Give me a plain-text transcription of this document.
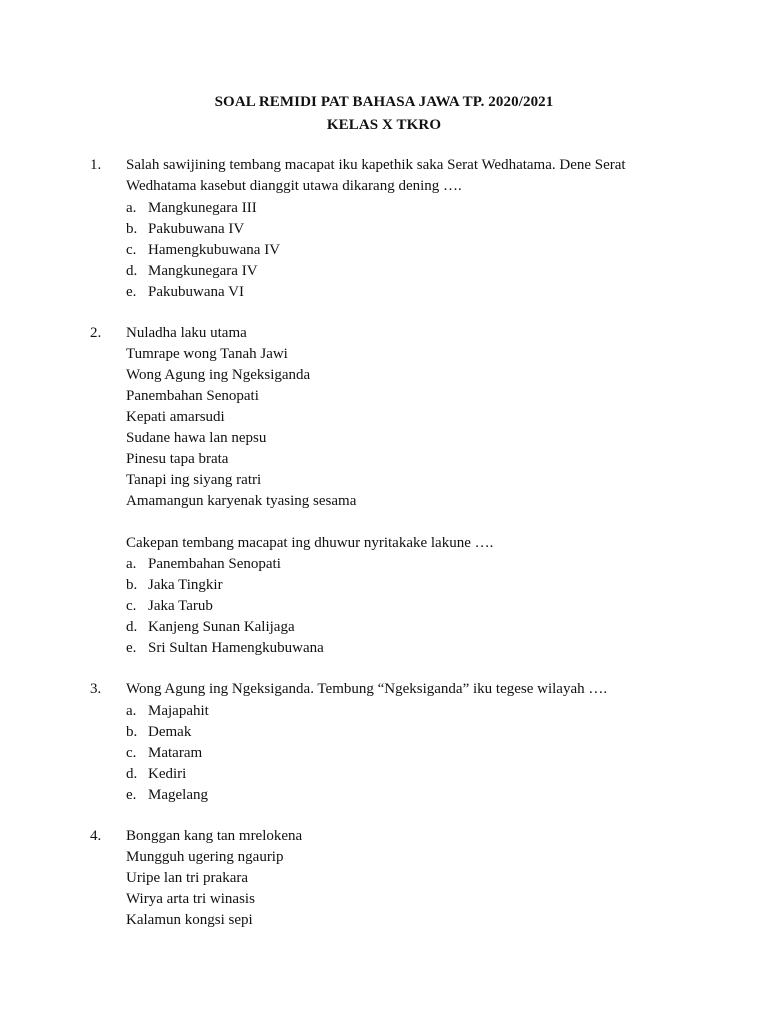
SOAL REMIDI PAT BAHASA JAWA TP. 2020/2021
KELAS X TKRO
1. Salah sawijining tembang macapat iku kapethik saka Serat Wedhatama. Dene Serat
Wedhatama kasebut dianggit utawa dikarang dening ….
a. Mangkunegara III
b. Pakubuwana IV
c. Hamengkubuwana IV
d. Mangkunegara IV
e. Pakubuwana VI
2. Nuladha laku utama
Tumrape wong Tanah Jawi
Wong Agung ing Ngeksiganda
Panembahan Senopati
Kepati amarsudi
Sudane hawa lan nepsu
Pinesu tapa brata
Tanapi ing siyang ratri
Amamangun karyenak tyasing sesama
Cakepan tembang macapat ing dhuwur nyritakake lakune ….
a. Panembahan Senopati
b. Jaka Tingkir
c. Jaka Tarub
d. Kanjeng Sunan Kalijaga
e. Sri Sultan Hamengkubuwana
3. Wong Agung ing Ngeksiganda. Tembung “Ngeksiganda” iku tegese wilayah ….
a. Majapahit
b. Demak
c. Mataram
d. Kediri
e. Magelang
4. Bonggan kang tan mrelokena
Mungguh ugering ngaurip
Uripe lan tri prakara
Wirya arta tri winasis
Kalamun kongsi sepi
